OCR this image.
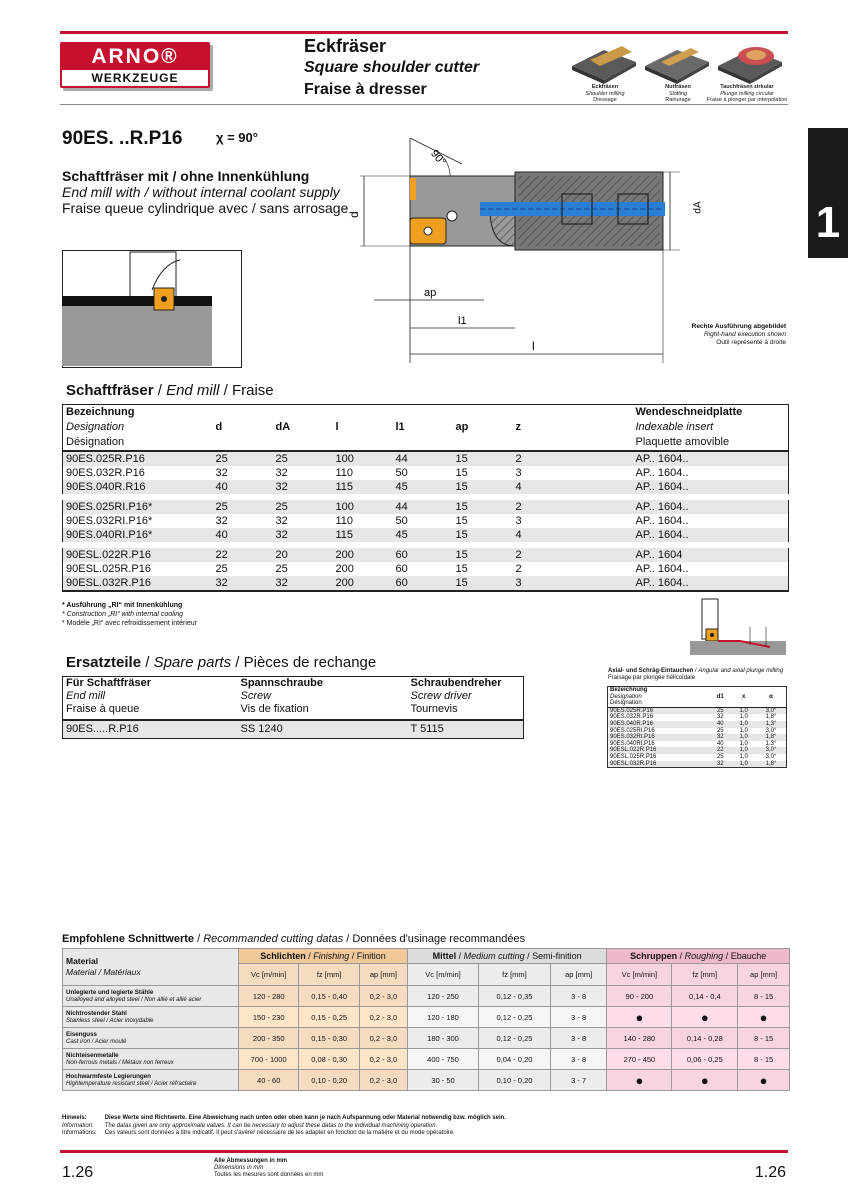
ARNO®
WERKZEUGE
Eckfräser
Square shoulder cutter
Fraise à dresser	Eckfräsen
Shoulder milling
Dressage
Nutfräsen
Slotting
Rainurage
Tauchfräsen zirkular
Plunge milling circular
Fraise à plonger par interpolation
1
90ES. ..R.P16	χ = 90°
Schaftfräser mit / ohne Innenkühlung
End mill with / without internal coolant supply
Fraise queue cylindrique avec / sans arrosage
90°
d
ap
l1
l
dA
Rechte Ausführung abgebildet
Right-hand execution shown
Outil représenté à droite
Schaftfräser / End mill / Fraise
Bezeichnung							Wendeschneidplatte
Designation	d	dA	l	l1	ap	z	Indexable insert
Désignation							Plaquette amovible
90ES.025R.P16	25	25	100	44	15	2	AP.. 1604..
90ES.032R.P16	32	32	110	50	15	3	AP.. 1604..
90ES.040R.R16	40	32	115	45	15	4	AP.. 1604..
90ES.025RI.P16*	25	25	100	44	15	2	AP.. 1604..
90ES.032RI.P16*	32	32	110	50	15	3	AP.. 1604..
90ES.040RI.P16*	40	32	115	45	15	4	AP.. 1604..
90ESL.022R.P16	22	20	200	60	15	2	AP.. 1604
90ESL.025R.P16	25	25	200	60	15	2	AP.. 1604..
90ESL.032R.P16	32	32	200	60	15	3	AP.. 1604..
* Ausführung „RI“ mit Innenkühlung
* Construction „RI“ with internal cooling
* Modèle „RI“ avec refroidissement intérieur
Ersatzteile / Spare parts / Pièces de rechange
Für Schaftfräser	Spannschraube	Schraubendreher
End mill	Screw	Screw driver
Fraise à queue	Vis de fixation	Tournevis
90ES.....R.P16	SS 1240	T 5115
Axial- und Schräg-Eintauchen / Angular and axial plunge milling Fraisage par plongée hélicoïdale
Bezeichnung			
Designation	d1	x	α
Désignation			
90ES.025R.P16	25	1,0	3,0°
90ES.032R.P16	32	1,0	1,8°
90ES.040R.P16	40	1,0	1,3°
90ES.025RI.P16	25	1,0	3,0°
90ES.032RI.P16	32	1,0	1,8°
90ES.040RI.P16	40	1,0	1,3°
90ESL.022R.P16	22	1,0	3,0°
90ESL.025R.P16	25	1,0	3,0°
90ESL.032R.P16	32	1,0	1,8°
Empfohlene Schnittwerte / Recommanded cutting datas / Données d'usinage recommandées
Material
Material / Matériaux	Schlichten / Finishing / Finition			Mittel / Medium cutting / Semi-finition			Schruppen / Roughing / Ebauche		
	Vc [m/min]	fz [mm]	ap [mm]	Vc [m/min]	fz [mm]	ap [mm]	Vc [m/min]	fz [mm]	ap [mm]
Unlegierte und legierte Stähle
Unalloyed and alloyed steel / Non allié et allié acier	120 - 280	0,15 - 0,40	0,2 - 3,0	120 - 250	0,12 - 0,35	3 - 8	90 - 200	0,14 - 0,4	8 - 15
Nichtrostender Stahl
Stainless steel / Acier inoxydable	150 - 230	0,15 - 0,25	0,2 - 3,0	120 - 180	0,12 - 0,25	3 - 8	●	●	●
Eisenguss
Cast iron / Acier moulé	200 - 350	0,15 - 0,30	0,2 - 3,0	180 - 300	0,12 - 0,25	3 - 8	140 - 280	0,14 - 0,28	8 - 15
Nichteisenmetalle
Non-ferrous metals / Métaux non ferreux	700 - 1000	0,08 - 0,30	0,2 - 3,0	400 - 750	0,04 - 0,20	3 - 8	270 - 450	0,06 - 0,25	8 - 15
Hochwarmfeste Legierungen
Hightemperature resistant steel / Acier réfractaire	40 - 60	0,10 - 0,20	0,2 - 3,0	30 - 50	0,10 - 0,20	3 - 7	●	●	●
Hinweis:	Diese Werte sind Richtwerte. Eine Abweichung nach unten oder oben kann je nach Aufspannung oder Material notwendig bzw. möglich sein.
Information:	The datas given are only approximate values. It can be necessary to adjust these datas to the individual machining operation.
Informations:	Ces valeurs sont données à titre indicatif. Il peut s'avérer nécessaire de les adapter en fonction de la matière et du mode opératoire
1.26
Alle Abmessungen in mm
Dimensions in mm
Toutes les mesures sont données en mm	1.26
